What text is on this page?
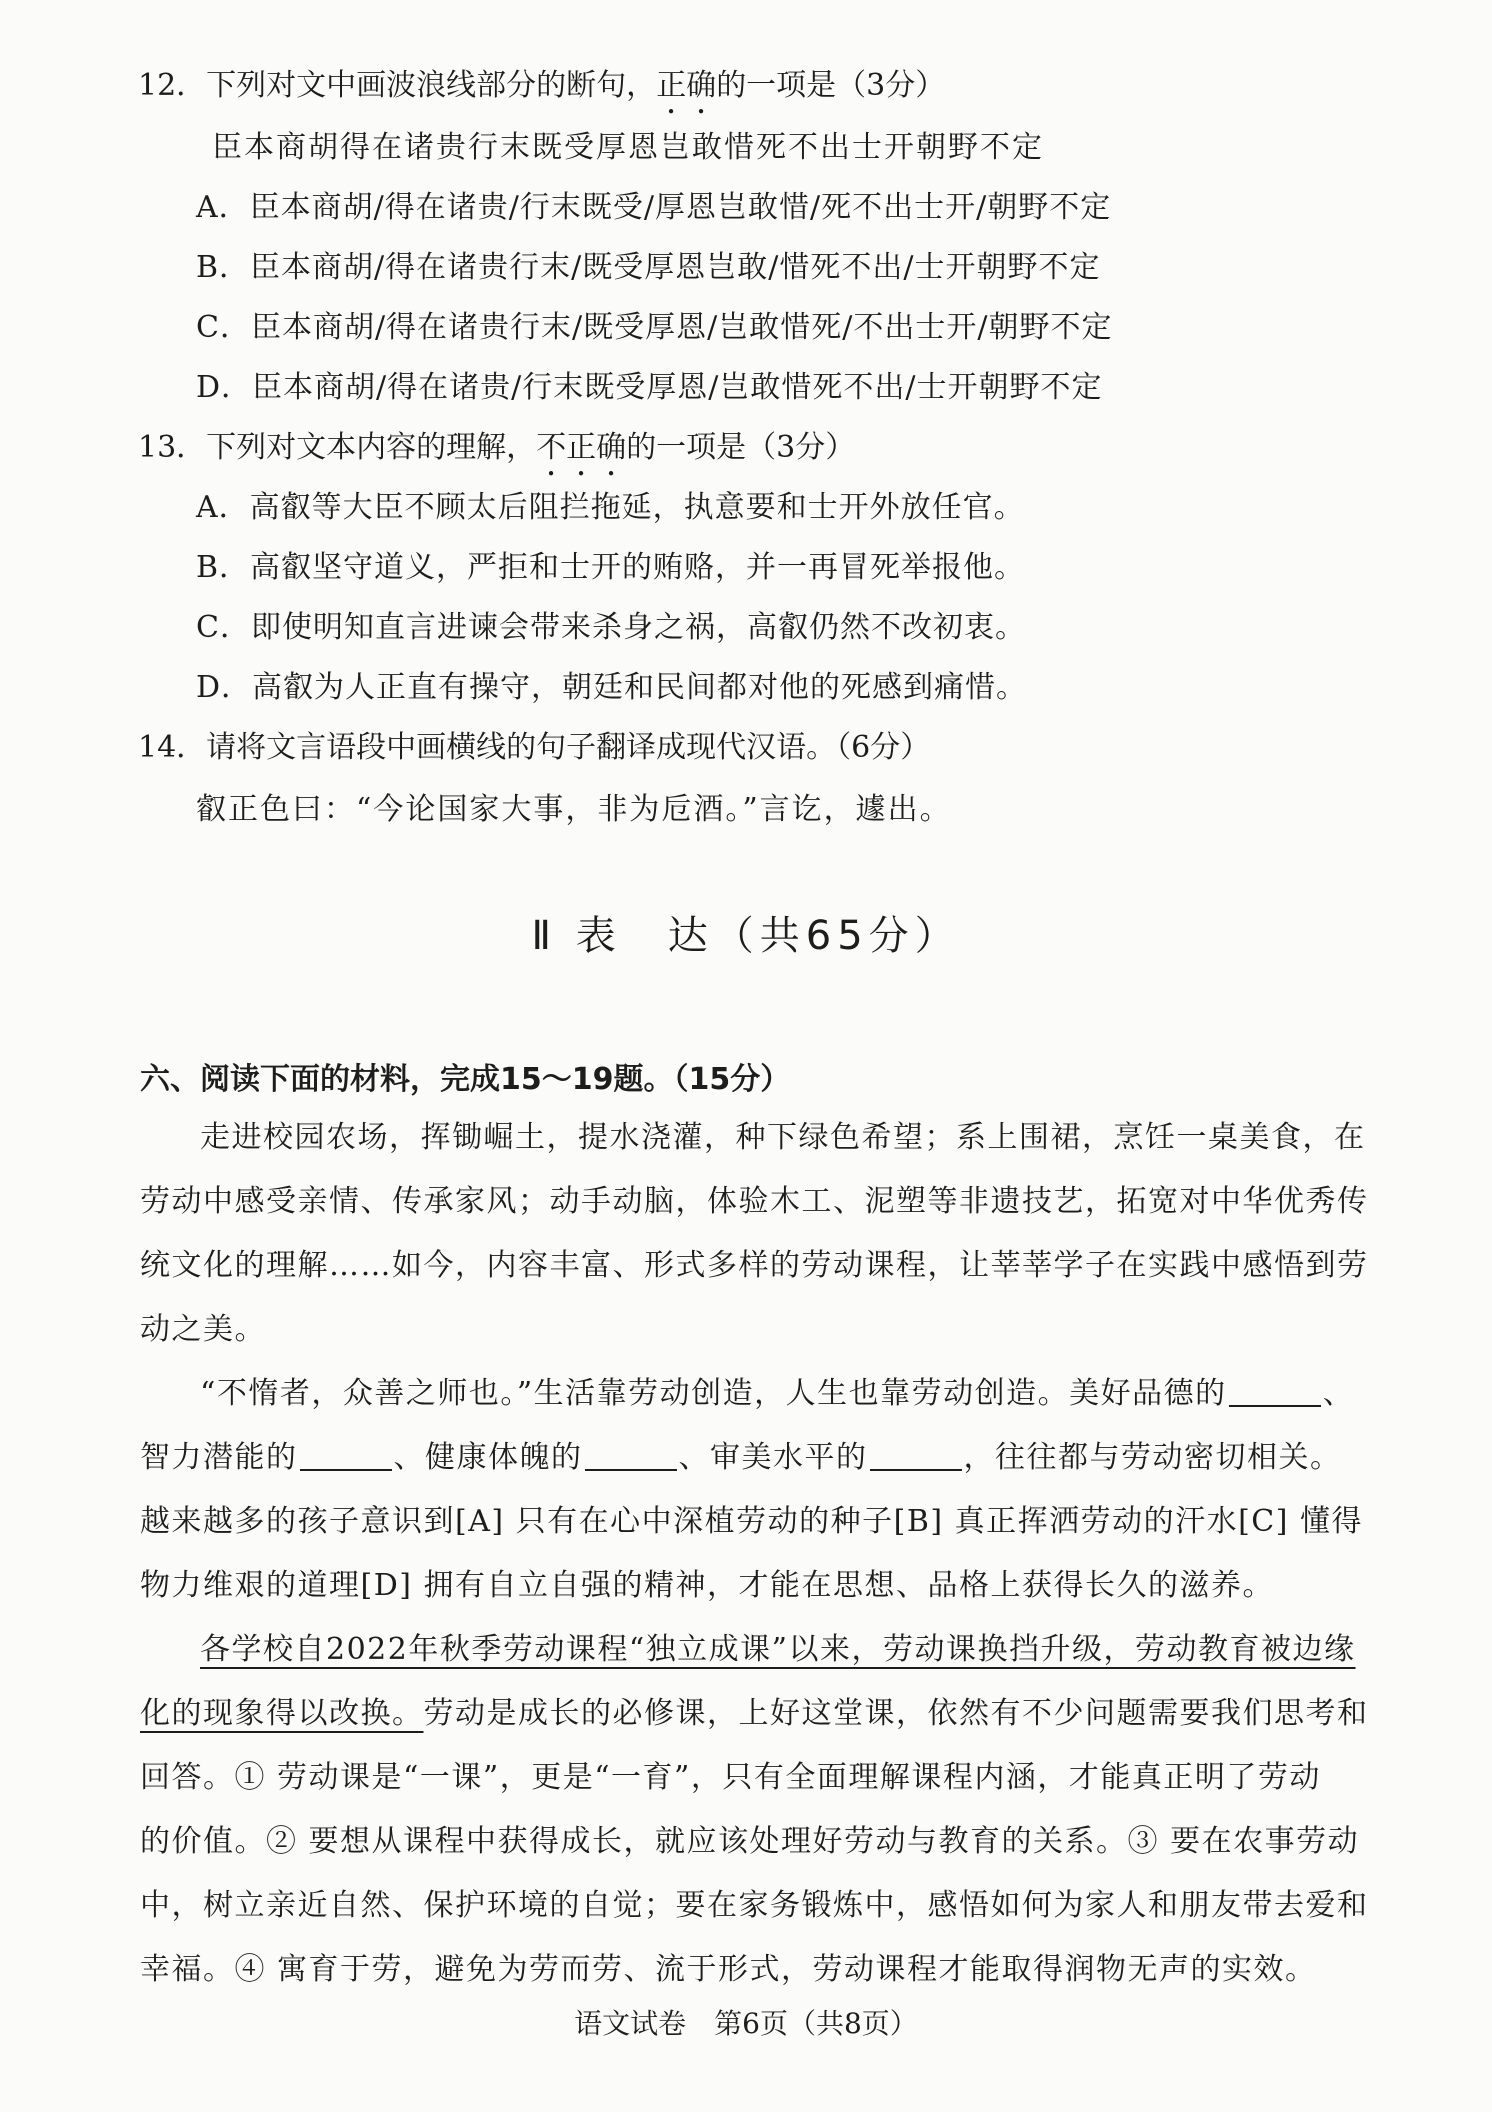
12．下列对文中画波浪线部分的断句，正确的一项是（3分）
臣本商胡得在诸贵行末既受厚恩岂敢惜死不出士开朝野不定
A．臣本商胡/得在诸贵/行末既受/厚恩岂敢惜/死不出士开/朝野不定
B．臣本商胡/得在诸贵行末/既受厚恩岂敢/惜死不出/士开朝野不定
C．臣本商胡/得在诸贵行末/既受厚恩/岂敢惜死/不出士开/朝野不定
D．臣本商胡/得在诸贵/行末既受厚恩/岂敢惜死不出/士开朝野不定
13．下列对文本内容的理解，不正确的一项是（3分）
A．高叡等大臣不顾太后阻拦拖延，执意要和士开外放任官。
B．高叡坚守道义，严拒和士开的贿赂，并一再冒死举报他。
C．即使明知直言进谏会带来杀身之祸，高叡仍然不改初衷。
D．高叡为人正直有操守，朝廷和民间都对他的死感到痛惜。
14．请将文言语段中画横线的句子翻译成现代汉语。（6分）
叡正色曰：“今论国家大事，非为卮酒。”言讫，遽出。
Ⅱ 表　达（共65分）
六、阅读下面的材料，完成15～19题。（15分）
走进校园农场，挥锄崛土，提水浇灌，种下绿色希望；系上围裙，烹饪一桌美食，在
劳动中感受亲情、传承家风；动手动脑，体验木工、泥塑等非遗技艺，拓宽对中华优秀传
统文化的理解……如今，内容丰富、形式多样的劳动课程，让莘莘学子在实践中感悟到劳
动之美。
“不惰者，众善之师也。”生活靠劳动创造，人生也靠劳动创造。美好品德的	、
智力潜能的	、健康体魄的	、审美水平的	，往往都与劳动密切相关。
越来越多的孩子意识到[A] 只有在心中深植劳动的种子[B] 真正挥洒劳动的汗水[C] 懂得
物力维艰的道理[D] 拥有自立自强的精神，才能在思想、品格上获得长久的滋养。
各学校自2022年秋季劳动课程“独立成课”以来，劳动课换挡升级，劳动教育被边缘
化的现象得以改换。劳动是成长的必修课，上好这堂课，依然有不少问题需要我们思考和
回答。① 劳动课是“一课”，更是“一育”，只有全面理解课程内涵，才能真正明了劳动
的价值。② 要想从课程中获得成长，就应该处理好劳动与教育的关系。③ 要在农事劳动
中，树立亲近自然、保护环境的自觉；要在家务锻炼中，感悟如何为家人和朋友带去爱和
幸福。④ 寓育于劳，避免为劳而劳、流于形式，劳动课程才能取得润物无声的实效。
语文试卷　第6页（共8页）
